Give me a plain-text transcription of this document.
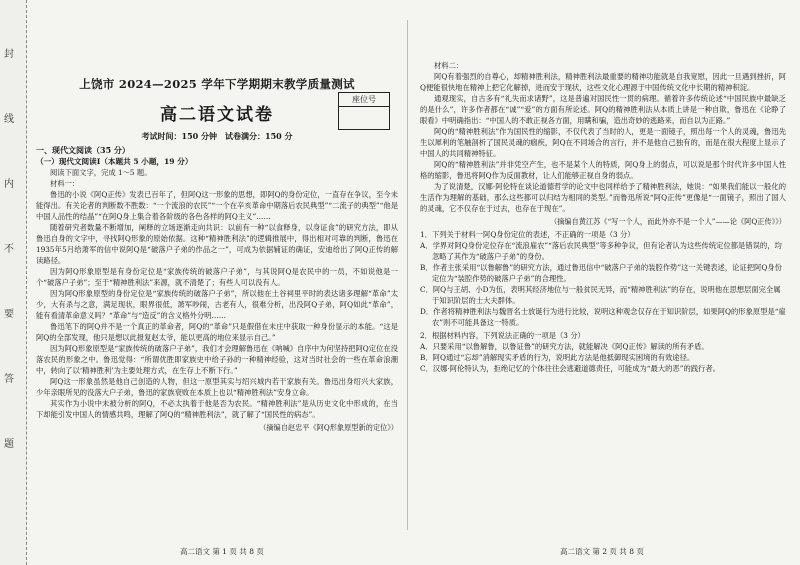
封
线
内
不
要
答
题
上饶市 2024—2025 学年下学期期末教学质量测试
高二语文试卷
座位号
考试时间：150 分钟　试卷满分：150 分

一、现代文阅读（35 分）

（一）现代文阅读Ⅰ（本题共 5 小题，19 分）

阅读下面文字，完成 1～5 题。

材料一：

鲁迅的小说《阿Q正传》发表已百年了，但阿Q这一形象的思想，即阿Q的身份定位，一直存在争议，至今未能得出。有关论者的判断数不胜数：“一个流浪的农民”“一个在辛亥革命中期落后农民典型”“二流子的典型”“他是中国人品性的结晶”“在阿Q身上集合着各阶级的各色各样的阿Q主义”……

随着研究者数量不断增加，阐释的立场逐渐走向共识：以前有一种“以食释身，以身证食”的研究方法，即从鲁迅自身的文字中，寻找阿Q形象的原始依据。这种“精神胜利法”的逻辑推展中，得出相对可靠的判断，鲁迅在1935年5月给萧军的信中说阿Q是“破落户子弟的作品之一”，可成为依据辅证的确证，安迪给出了阿Q正传的解读路径。

因为阿Q形象原型是有身份定位是“家族传统的破落户子弟”，与其说阿Q是农民中的一员，不如说他是一个“破落户子弟”；至于“精神胜利法”来源，就不清楚了；有些人可以没有人。

因为阿Q形象原型的身份定位是“家族传统的破落户子弟”，所以他在土谷祠里平时的表达诸多理解“革命”太少，大有杀与之意，满足现状，眼界很低，萧军吵闹，古老有人，很难分析，出没阿Q子弟，阿Q如此“革命”，能有看清革命意义吗？“革命”与“造反”的含义格外分明……

鲁迅笔下的阿Q并不是一个真正的革命者，阿Q的“革命”只是假借在未庄中获取一种身份显示的本能。“这是阿Q的全部发现，他只是想以此报复赵太爷，能以更高的地位来显示自己。”

因为阿Q形象原型是“家族传统的破落户子弟”，我们才会理解鲁迅在《呐喊》自序中为何坚持把阿Q定位在没落农民的形象之中。鲁迅觉得：“所谓优胜即家族史中给子孙的一种精神经验，这对当时社会的一些在革命浪潮中，转向了以‘精神胜利’为主要处理方式，在生存上不断下行。”

阿Q这一形象虽然是他自己创造的人物，但这一原型其实与绍兴城内若干家族有关。鲁迅出身绍兴大家族，少年亲眼所见的没落大户子弟，鲁迅的家族衰败在本质上也以“精神胜利法”安身立命。

其实作为小说中未被分析的阿Q，不必太执着于他是否为农民。“精神胜利法”是从历史文化中形成的，在当下却能引发中国人的情感共鸣，理解了阿Q的“精神胜利法”，就了解了“国民性的病态”。

（摘编自赵忠平《阿Q形象原型新的定位》）

材料二：

阿Q有着强烈的自尊心，却精神胜利法，精神胜利法最重要的精神功能就是自我宽慰，因此一旦遇到挫折，阿Q便能很快地在精神上把它化解掉，进而安于现状，这些文化心理源于中国传统文化中长期的精神积淀。

通观现实，自古多有“礼失而求诸野”，这是普遍对国民性一贯的病理。循着许多传统论述“中国民族中最缺乏的是什么”，许多作者都在“诚”“爱”的方面有所论述。阿Q的精神胜利法从本质上讲是一种自欺，鲁迅在《论睁了眼看》中明确指出：“中国人的不敢正视各方面，用瞒和骗，造出奇妙的逃路来，而自以为正路。”

阿Q的“精神胜利法”作为国民性的缩影，不仅代表了当时的人，更是一面镜子，照出每一个人的灵魂，鲁迅先生以犀利的笔触剖析了国民灵魂的痼疾，阿Q在不同场合的言行，并不是他自己独有的，而是在很大程度上显示了中国人的共同精神特征。

阿Q的“精神胜利法”并非凭空产生，也不是某个人的特质，阿Q身上的弱点，可以说是那个时代许多中国人性格的缩影，鲁迅将阿Q作为反面教材，让人们能够正视自身的弱点。

为了说清楚，汉娜·阿伦特在谈论道德哲学的论文中也同样给予了精神胜利法，她说：“如果我们能以一般化的生活作为理解的基础，那么这些都可以归结为相同的类型。”而鲁迅所说“阿Q正传”更像是“一面镜子，照出了国人的灵魂，它不仅存在于过去，也存在于现在”。

（摘编自黄江苏《“写一个人，而此外亦不是一个人”——论《阿Q正传》》）

1．下列关于材料一阿Q身份定位的表述，不正确的一项是（3 分）

A．学界对阿Q身份定位存在“流浪雇农”“落后农民典型”等多种争议，但有论者认为这些传统定位都是错误的，均忽略了其作为“破落户子弟”的身份。

B．作者主张采用“以鲁解鲁”的研究方法，通过鲁迅信中“破落户子弟的装腔作势”这一关键表述，论证把阿Q身份定位为“装腔作势的破落户子弟”的合理性。

C．阿Q与王胡、小D为伍，表明其经济地位与一般贫民无异，而“精神胜利法”的存在，说明他在思想层面完全属于知识阶层的士大夫群体。

D．作者将精神胜利法与魏晋名士放诞行为进行比较，说明这种观念仅存在于知识阶层，如果阿Q的形象原型是“雇农”则不可能具备这一特质。

2．根据材料内容，下列说法正确的一项是（3 分）

A．只要采用“以鲁解鲁，以鲁证鲁”的研究方法，就能解决《阿Q正传》解读的所有矛盾。

B．阿Q通过“忘却”消解现实矛盾的行为，说明此方法是他抵御现实困境的有效途径。

C．汉娜·阿伦特认为，拒绝记忆的个体往往会逃避道德责任，可能成为“最大的恶”的践行者。

高二语文 第 1 页 共 8 页	高二语文 第 2 页 共 8 页
